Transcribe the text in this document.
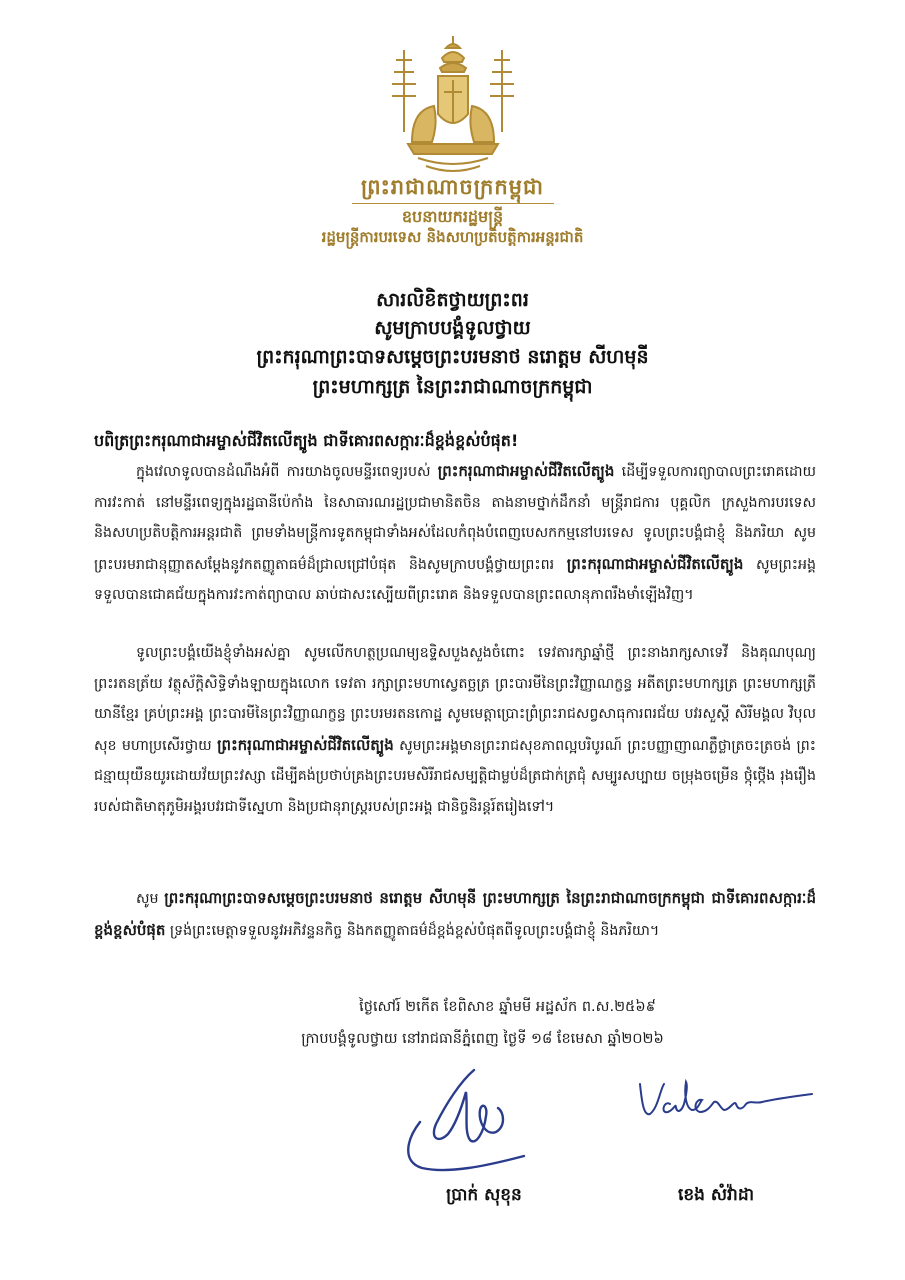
ព្រះរាជាណាចក្រកម្ពុជា
ឧបនាយករដ្ឋមន្ត្រី
រដ្ឋមន្ត្រីការបរទេស និងសហប្រតិបត្តិការអន្តរជាតិ
សារលិខិតថ្វាយព្រះពរ
សូមក្រាបបង្គំទូលថ្វាយ
ព្រះករុណាព្រះបាទសម្តេចព្រះបរមនាថ នរោត្តម សីហមុនី
ព្រះមហាក្សត្រ នៃព្រះរាជាណាចក្រកម្ពុជា
បពិត្រព្រះករុណាជាអម្ចាស់ជីវិតលើត្បូង ជាទីគោរពសក្ការៈដ៏ខ្ពង់ខ្ពស់បំផុត!

ក្នុងវេលាទូលបានដំណឹងអំពី ការយាងចូលមន្ទីរពេទ្យរបស់ ព្រះករុណាជាអម្ចាស់ជីវិតលើត្បូង ដើម្បីទទួលការព្យាបាលព្រះរោគដោយការវះកាត់ នៅមន្ទីរពេទ្យក្នុងរដ្ឋធានីប៉េកាំង នៃសាធារណរដ្ឋប្រជាមានិតចិន តាងនាមថ្នាក់ដឹកនាំ មន្ត្រីរាជការ បុគ្គលិក ក្រសួងការបរទេស និងសហប្រតិបត្តិការអន្តរជាតិ ព្រមទាំងមន្ត្រីការទូតកម្ពុជាទាំងអស់ដែលកំពុងបំពេញបេសកកម្មនៅបរទេស ទូលព្រះបង្គំជាខ្ញុំ និងភរិយា សូមព្រះបរមរាជានុញ្ញាតសម្តែងនូវកតញ្ញូតាធម៌ដ៏ជ្រាលជ្រៅបំផុត និងសូមក្រាបបង្គំថ្វាយព្រះពរ ព្រះករុណាជាអម្ចាស់ជីវិតលើត្បូង សូមព្រះអង្គទទួលបានជោគជ័យក្នុងការវះកាត់ព្យាបាល ឆាប់ជាសះស្បើយពីព្រះរោគ និងទទួលបានព្រះពលានុភាពរឹងមាំឡើងវិញ។

ទូលព្រះបង្គំយើងខ្ញុំទាំងអស់គ្នា សូមលើកហត្ថប្រណម្យឧទ្ទិសបួងសួងចំពោះ ទេវតារក្សាឆ្នាំថ្មី ព្រះនាងរាក្សសាទេវី និងគុណបុណ្យព្រះរតនត្រ័យ វត្ថុស័ក្តិសិទ្ធិទាំងឡាយក្នុងលោក ទេវតា រក្សាព្រះមហាស្វេតច្ឆត្រ ព្រះបារមីនៃព្រះវិញ្ញាណក្ខន្ធ អតីតព្រះមហាក្សត្រ ព្រះមហាក្សត្រីយានីខ្មែរ គ្រប់ព្រះអង្គ ព្រះបារមីនៃព្រះវិញ្ញាណក្ខន្ធ ព្រះបរមរតនកោដ្ឋ សូមមេត្តាប្រោះព្រំព្រះរាជសព្វសាធុការពរជ័យ បវរសួស្តី សិរីមង្គល វិបុលសុខ មហាប្រសើរថ្វាយ ព្រះករុណាជាអម្ចាស់ជីវិតលើត្បូង សូមព្រះអង្គមានព្រះរាជសុខភាពល្អបរិបូរណ៍ ព្រះបញ្ញាញាណភ្លឺថ្លាត្រចះត្រចង់ ព្រះជន្មាយុយឺនយូរដោយវ័យព្រះវស្សា ដើម្បីគង់ប្រថាប់គ្រងព្រះបរមសិរីរាជសម្បត្តិជាម្លប់ដ៏ត្រជាក់ត្រជុំ សម្បូរសប្បាយ ចម្រុងចម្រើន ថ្កុំថ្កើង រុងរឿង របស់ជាតិមាតុភូមិអង្គរបវរជាទីស្នេហា និងប្រជានុរាស្ត្ររបស់ព្រះអង្គ ជានិច្ចនិរន្តរ៍តរៀងទៅ។

សូម ព្រះករុណាព្រះបាទសម្តេចព្រះបរមនាថ នរោត្តម សីហមុនី ព្រះមហាក្សត្រ នៃព្រះរាជាណាចក្រកម្ពុជា ជាទីគោរពសក្ការៈដ៏ខ្ពង់ខ្ពស់បំផុត ទ្រង់ព្រះមេត្តាទទួលនូវអភិវន្ទនកិច្ច និងកតញ្ញូតាធម៌ដ៏ខ្ពង់ខ្ពស់បំផុតពីទូលព្រះបង្គំជាខ្ញុំ និងភរិយា។

ថ្ងៃសៅរ៍ ២កើត ខែពិសាខ ឆ្នាំមមី អដ្ឋស័ក ព.ស.២៥៦៩
ក្រាបបង្គំទូលថ្វាយ នៅរាជធានីភ្នំពេញ ថ្ងៃទី ១៨ ខែមេសា ឆ្នាំ២០២៦
ប្រាក់ សុខុន	ខេង សំវ៉ាដា
